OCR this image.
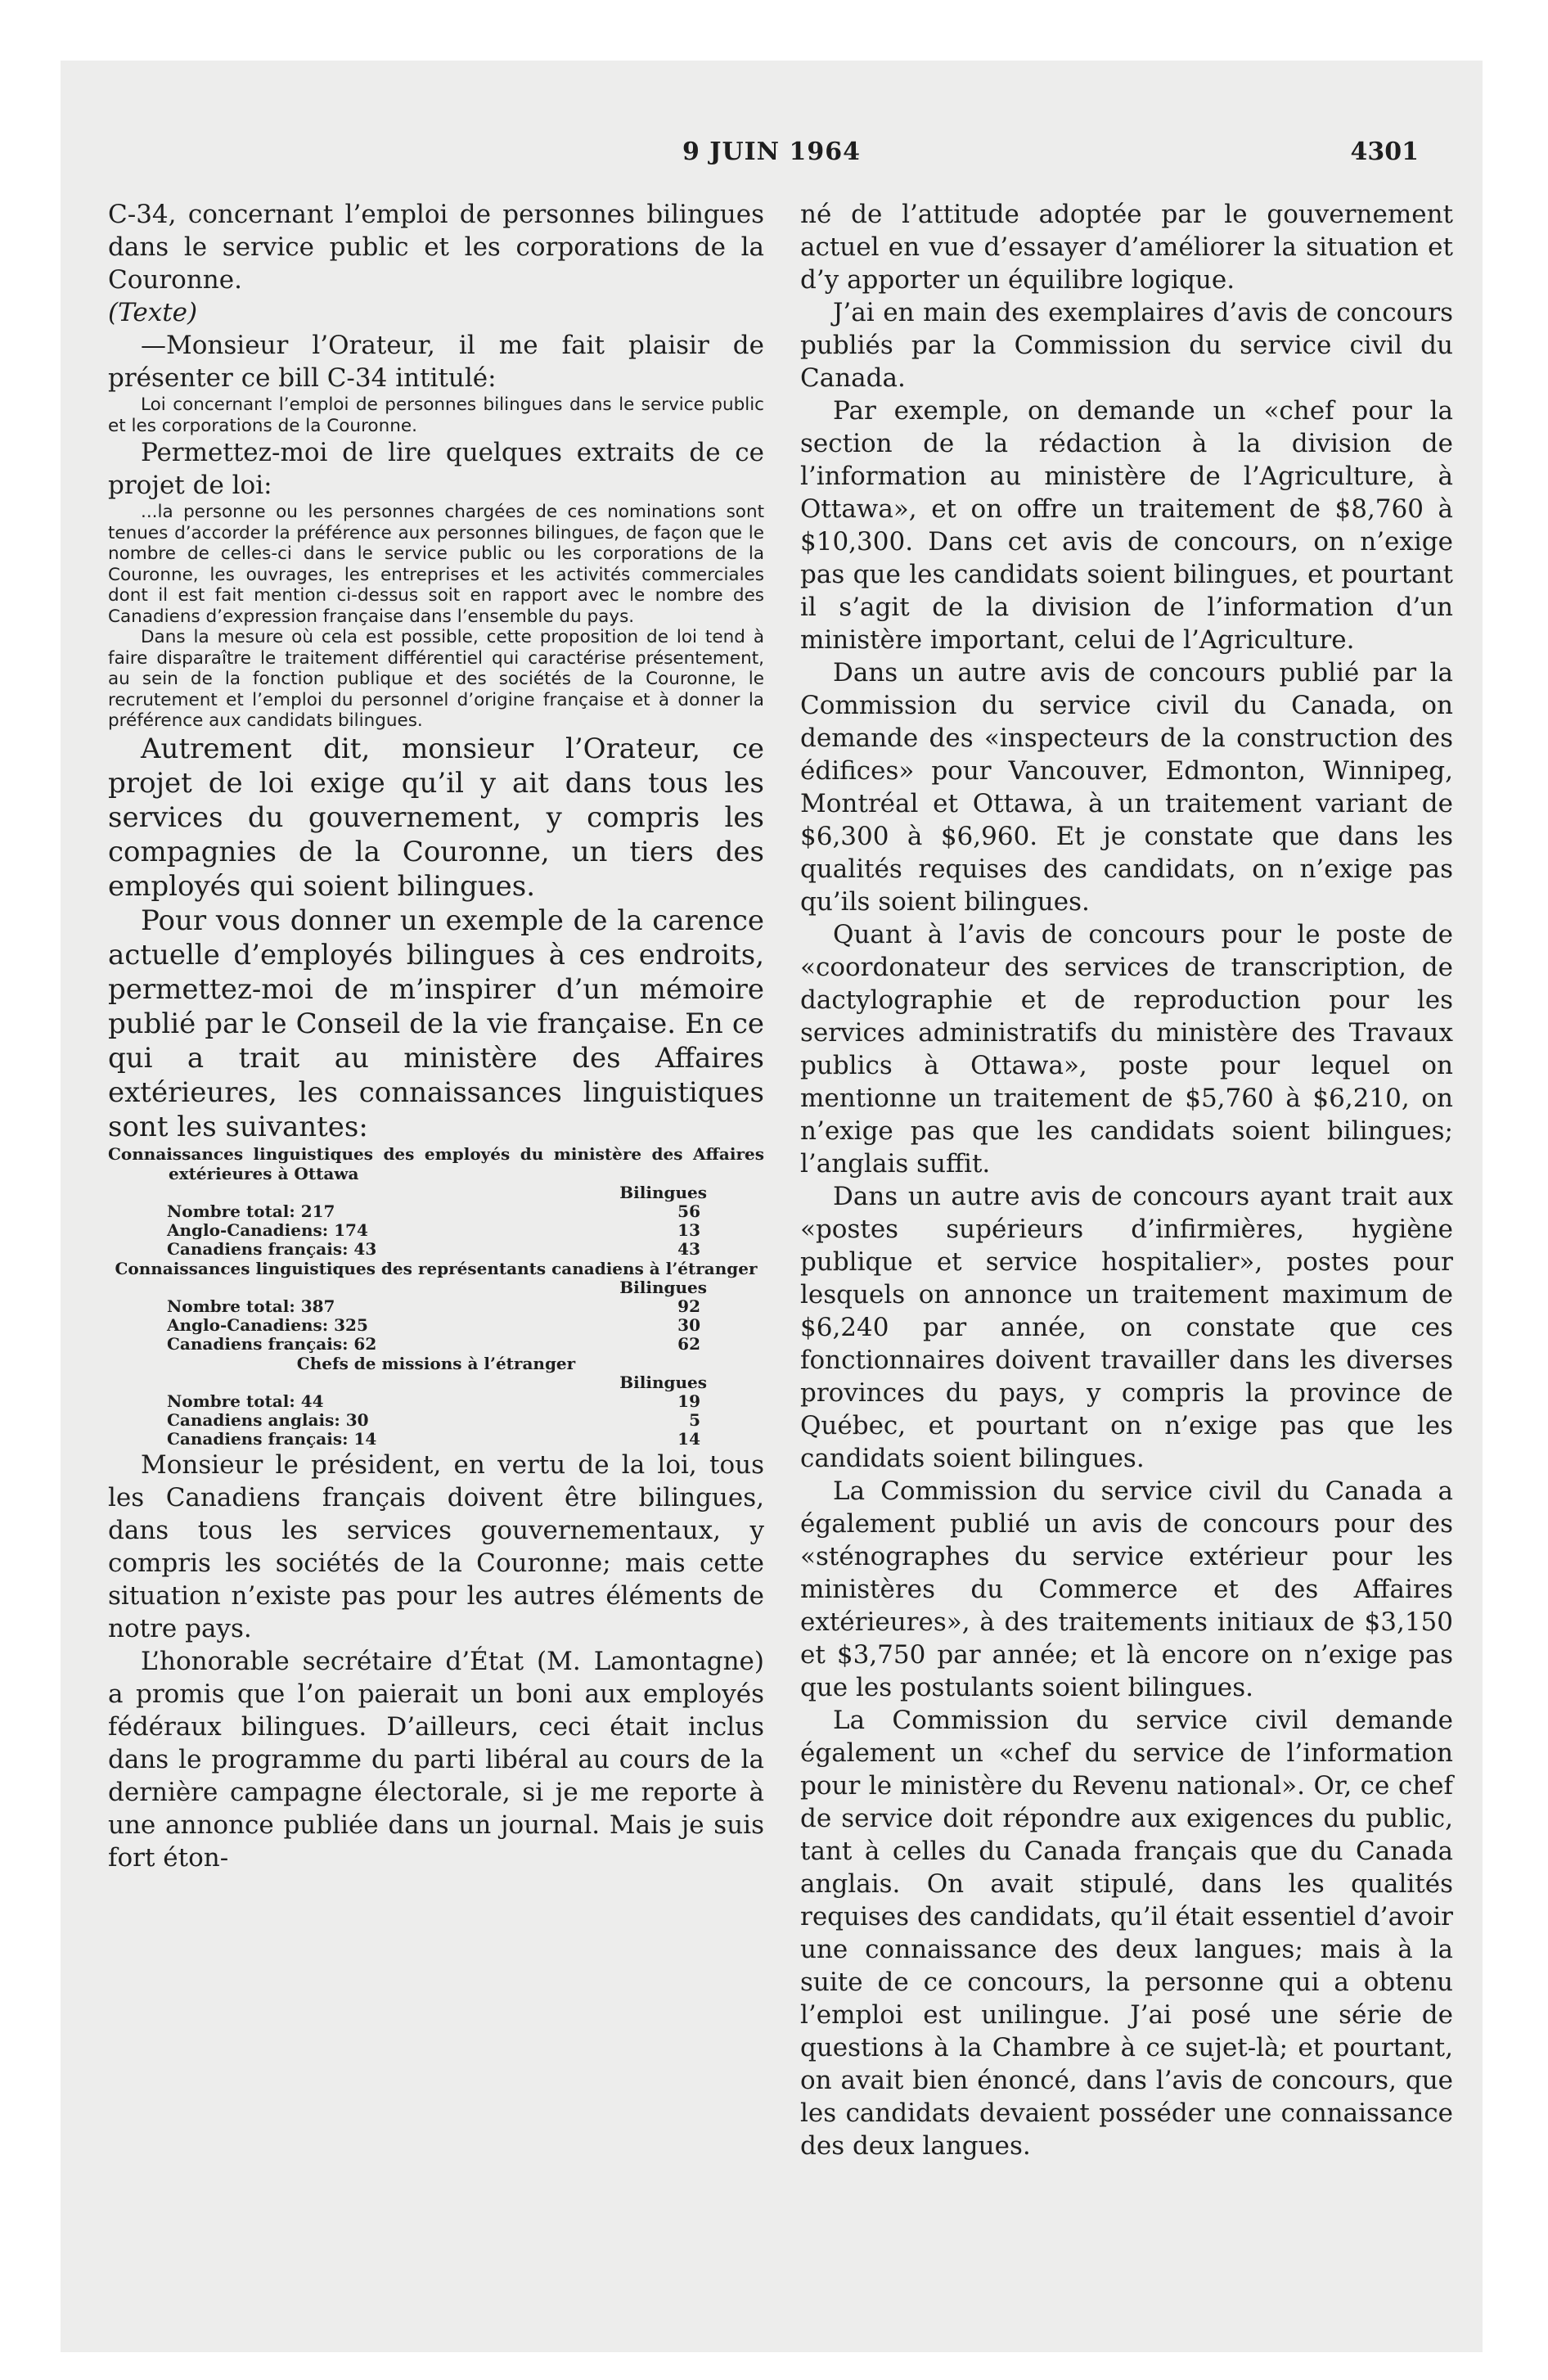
9 JUIN 1964	4301

C-34, concernant l’emploi de personnes bilingues dans le service public et les corporations de la Couronne.

(Texte)

—Monsieur l’Orateur, il me fait plaisir de présenter ce bill C-34 intitulé:

Loi concernant l’emploi de personnes bilingues dans le service public et les corporations de la Couronne.

Permettez-moi de lire quelques extraits de ce projet de loi:

...la personne ou les personnes chargées de ces nominations sont tenues d’accorder la préférence aux personnes bilingues, de façon que le nombre de celles-ci dans le service public ou les corporations de la Couronne, les ouvrages, les entreprises et les activités commerciales dont il est fait mention ci-dessus soit en rapport avec le nombre des Canadiens d’expression française dans l’ensemble du pays.

Dans la mesure où cela est possible, cette proposition de loi tend à faire disparaître le traitement différentiel qui caractérise présentement, au sein de la fonction publique et des sociétés de la Couronne, le recrutement et l’emploi du personnel d’origine française et à donner la préférence aux candidats bilingues.

Autrement dit, monsieur l’Orateur, ce projet de loi exige qu’il y ait dans tous les services du gouvernement, y compris les compagnies de la Couronne, un tiers des employés qui soient bilingues.

Pour vous donner un exemple de la carence actuelle d’employés bilingues à ces endroits, permettez-moi de m’inspirer d’un mémoire publié par le Conseil de la vie française. En ce qui a trait au ministère des Affaires extérieures, les connaissances linguistiques sont les suivantes:

Connaissances linguistiques des employés du ministère des Affaires extérieures à Ottawa

	Bilingues
Nombre total: 217	56
Anglo-Canadiens: 174	13
Canadiens français: 43	43

Connaissances linguistiques des représentants canadiens à l’étranger

	Bilingues
Nombre total: 387	92
Anglo-Canadiens: 325	30
Canadiens français: 62	62

Chefs de missions à l’étranger

	Bilingues
Nombre total: 44	19
Canadiens anglais: 30	5
Canadiens français: 14	14

Monsieur le président, en vertu de la loi, tous les Canadiens français doivent être bilingues, dans tous les services gouvernementaux, y compris les sociétés de la Couronne; mais cette situation n’existe pas pour les autres éléments de notre pays.

L’honorable secrétaire d’État (M. Lamontagne) a promis que l’on paierait un boni aux employés fédéraux bilingues. D’ailleurs, ceci était inclus dans le programme du parti libéral au cours de la dernière campagne électorale, si je me reporte à une annonce publiée dans un journal. Mais je suis fort éton-

né de l’attitude adoptée par le gouvernement actuel en vue d’essayer d’améliorer la situation et d’y apporter un équilibre logique.

J’ai en main des exemplaires d’avis de concours publiés par la Commission du service civil du Canada.

Par exemple, on demande un «chef pour la section de la rédaction à la division de l’information au ministère de l’Agriculture, à Ottawa», et on offre un traitement de $8,760 à $10,300. Dans cet avis de concours, on n’exige pas que les candidats soient bilingues, et pourtant il s’agit de la division de l’information d’un ministère important, celui de l’Agriculture.

Dans un autre avis de concours publié par la Commission du service civil du Canada, on demande des «inspecteurs de la construction des édifices» pour Vancouver, Edmonton, Winnipeg, Montréal et Ottawa, à un traitement variant de $6,300 à $6,960. Et je constate que dans les qualités requises des candidats, on n’exige pas qu’ils soient bilingues.

Quant à l’avis de concours pour le poste de «coordonateur des services de transcription, de dactylographie et de reproduction pour les services administratifs du ministère des Travaux publics à Ottawa», poste pour lequel on mentionne un traitement de $5,760 à $6,210, on n’exige pas que les candidats soient bilingues; l’anglais suffit.

Dans un autre avis de concours ayant trait aux «postes supérieurs d’infirmières, hygiène publique et service hospitalier», postes pour lesquels on annonce un traitement maximum de $6,240 par année, on constate que ces fonctionnaires doivent travailler dans les diverses provinces du pays, y compris la province de Québec, et pourtant on n’exige pas que les candidats soient bilingues.

La Commission du service civil du Canada a également publié un avis de concours pour des «sténographes du service extérieur pour les ministères du Commerce et des Affaires extérieures», à des traitements initiaux de $3,150 et $3,750 par année; et là encore on n’exige pas que les postulants soient bilingues.

La Commission du service civil demande également un «chef du service de l’information pour le ministère du Revenu national». Or, ce chef de service doit répondre aux exigences du public, tant à celles du Canada français que du Canada anglais. On avait stipulé, dans les qualités requises des candidats, qu’il était essentiel d’avoir une connaissance des deux langues; mais à la suite de ce concours, la personne qui a obtenu l’emploi est unilingue. J’ai posé une série de questions à la Chambre à ce sujet-là; et pourtant, on avait bien énoncé, dans l’avis de concours, que les candidats devaient posséder une connaissance des deux langues.
